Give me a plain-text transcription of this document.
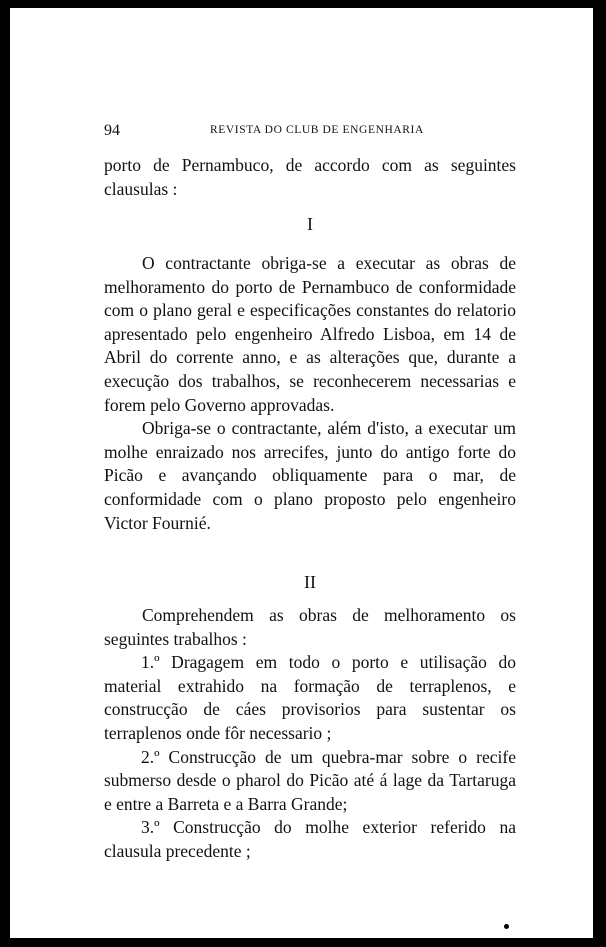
94	REVISTA DO CLUB DE ENGENHARIA

porto de Pernambuco, de accordo com as seguintes clausulas :

I

O contractante obriga-se a executar as obras de melhoramento do porto de Pernambuco de conformidade com o plano geral e especificações constantes do relatorio apresentado pelo engenheiro Alfredo Lisboa, em 14 de Abril do corrente anno, e as alterações que, durante a execução dos trabalhos, se reconhecerem necessarias e forem pelo Governo approvadas.

Obriga-se o contractante, além d'isto, a executar um molhe enraizado nos arrecifes, junto do antigo forte do Picão e avançando obliquamente para o mar, de conformidade com o plano proposto pelo engenheiro Victor Fournié.

II

Comprehendem as obras de melhoramento os seguintes trabalhos :

1.º Dragagem em todo o porto e utilisação do material extrahido na formação de terraplenos, e construcção de cáes provisorios para sustentar os terraplenos onde fôr necessario ;

2.º Construcção de um quebra-mar sobre o recife submerso desde o pharol do Picão até á lage da Tartaruga e entre a Barreta e a Barra Grande;

3.º Construcção do molhe exterior referido na clausula precedente ;
